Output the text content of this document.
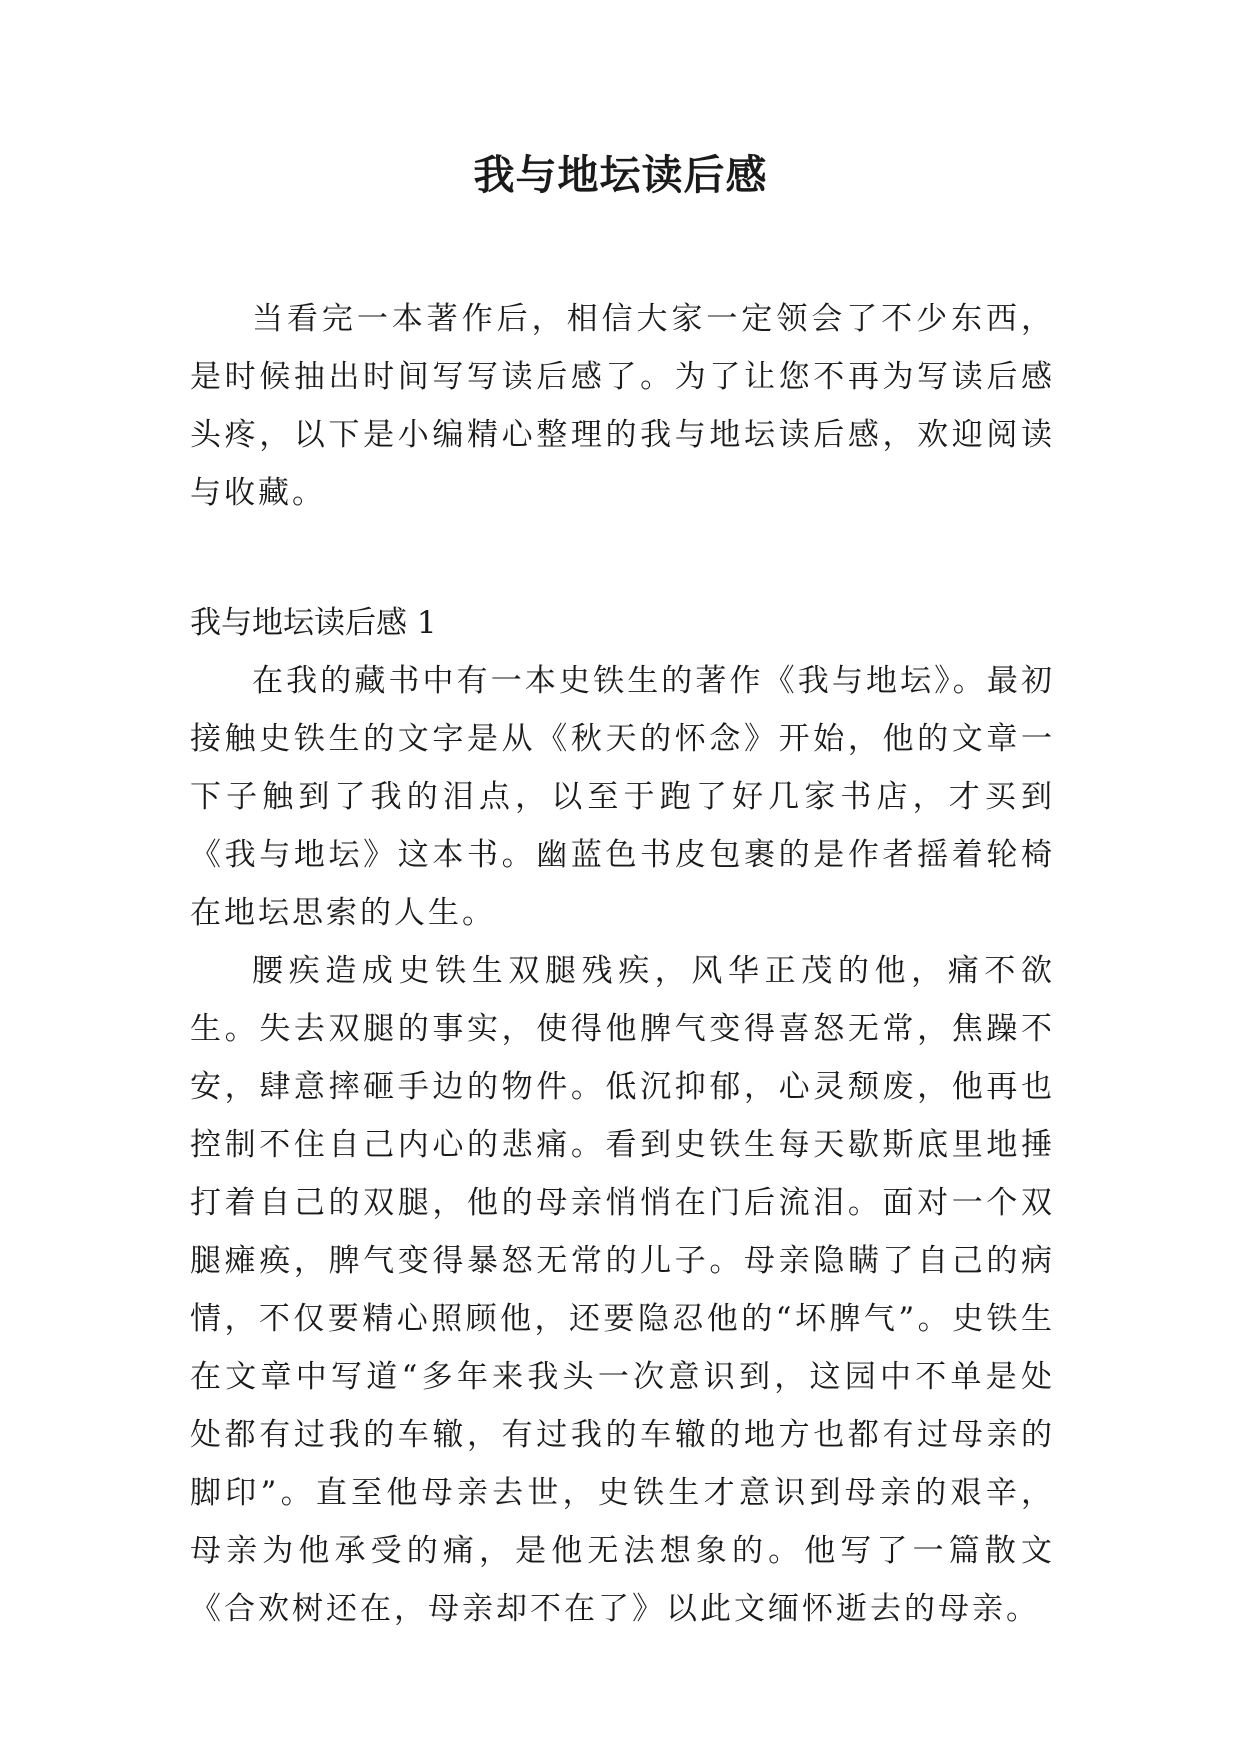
我与地坛读后感

当看完一本著作后，相信大家一定领会了不少东西，是时候抽出时间写写读后感了。为了让您不再为写读后感头疼，以下是小编精心整理的我与地坛读后感，欢迎阅读与收藏。

我与地坛读后感 1

在我的藏书中有一本史铁生的著作《我与地坛》。最初接触史铁生的文字是从《秋天的怀念》开始，他的文章一下子触到了我的泪点，以至于跑了好几家书店，才买到《我与地坛》这本书。幽蓝色书皮包裹的是作者摇着轮椅在地坛思索的人生。

腰疾造成史铁生双腿残疾，风华正茂的他，痛不欲生。失去双腿的事实，使得他脾气变得喜怒无常，焦躁不安，肆意摔砸手边的物件。低沉抑郁，心灵颓废，他再也控制不住自己内心的悲痛。看到史铁生每天歇斯底里地捶打着自己的双腿，他的母亲悄悄在门后流泪。面对一个双腿瘫痪，脾气变得暴怒无常的儿子。母亲隐瞒了自己的病情，不仅要精心照顾他，还要隐忍他的“坏脾气”。史铁生在文章中写道“多年来我头一次意识到，这园中不单是处处都有过我的车辙，有过我的车辙的地方也都有过母亲的脚印”。直至他母亲去世，史铁生才意识到母亲的艰辛，母亲为他承受的痛，是他无法想象的。他写了一篇散文《合欢树还在，母亲却不在了》以此文缅怀逝去的母亲。
